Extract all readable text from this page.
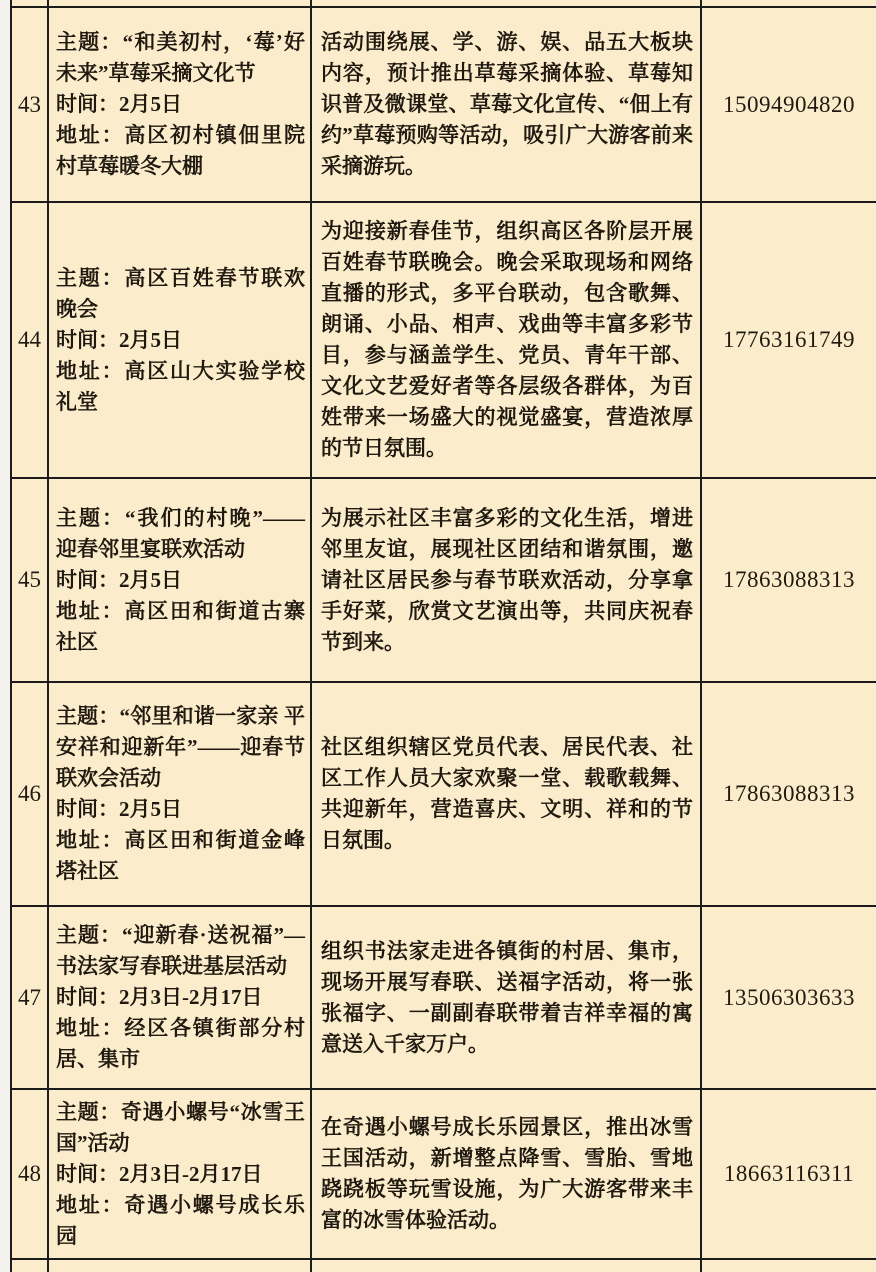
43
主题：“和美初村，‘莓’好未来”草莓采摘文化节
时间：2月5日
地址：高区初村镇佃里院村草莓暖冬大棚

活动围绕展、学、游、娱、品五大板块内容，预计推出草莓采摘体验、草莓知识普及微课堂、草莓文化宣传、“佃上有约”草莓预购等活动，吸引广大游客前来采摘游玩。

15094904820
44
主题：高区百姓春节联欢晚会
时间：2月5日
地址：高区山大实验学校礼堂

为迎接新春佳节，组织高区各阶层开展百姓春节联晚会。晚会采取现场和网络直播的形式，多平台联动，包含歌舞、朗诵、小品、相声、戏曲等丰富多彩节目，参与涵盖学生、党员、青年干部、文化文艺爱好者等各层级各群体，为百姓带来一场盛大的视觉盛宴，营造浓厚的节日氛围。

17763161749
45
主题：“我们的村晚”——迎春邻里宴联欢活动
时间：2月5日
地址：高区田和街道古寨社区

为展示社区丰富多彩的文化生活，增进邻里友谊，展现社区团结和谐氛围，邀请社区居民参与春节联欢活动，分享拿手好菜，欣赏文艺演出等，共同庆祝春节到来。

17863088313
46
主题：“邻里和谐一家亲 平安祥和迎新年”——迎春节联欢会活动
时间：2月5日
地址：高区田和街道金峰塔社区

社区组织辖区党员代表、居民代表、社区工作人员大家欢聚一堂、载歌载舞、共迎新年，营造喜庆、文明、祥和的节日氛围。

17863088313
47
主题：“迎新春·送祝福”—书法家写春联进基层活动
时间：2月3日-2月17日
地址：经区各镇街部分村居、集市

组织书法家走进各镇街的村居、集市，现场开展写春联、送福字活动，将一张张福字、一副副春联带着吉祥幸福的寓意送入千家万户。

13506303633
48
主题：奇遇小螺号“冰雪王国”活动
时间：2月3日-2月17日
地址：奇遇小螺号成长乐园

在奇遇小螺号成长乐园景区，推出冰雪王国活动，新增整点降雪、雪胎、雪地跷跷板等玩雪设施，为广大游客带来丰富的冰雪体验活动。

18663116311
